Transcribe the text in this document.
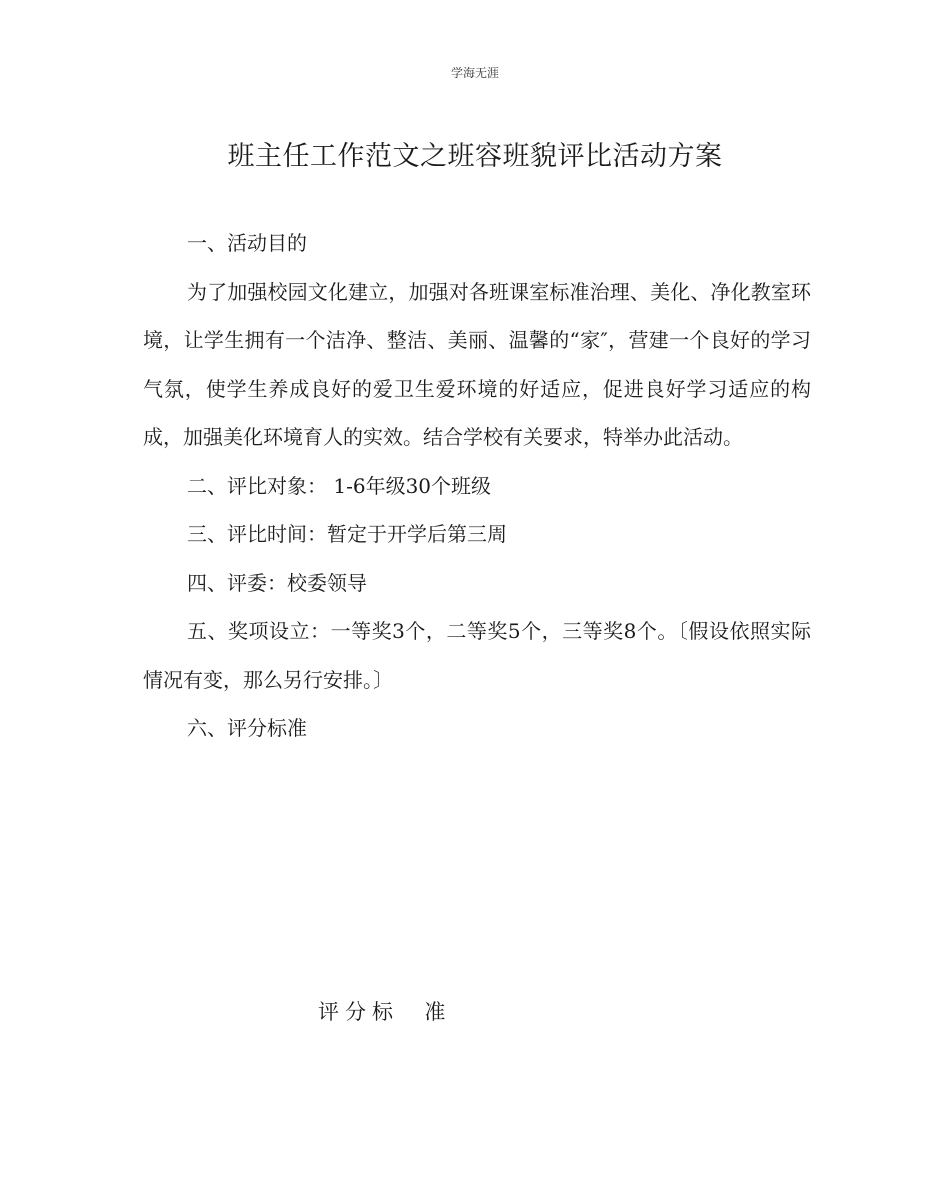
学海无涯
班主任工作范文之班容班貌评比活动方案

一、活动目的

为了加强校园文化建立，加强对各班课室标准治理、美化、净化教室环境，让学生拥有一个洁净、整洁、美丽、温馨的“家″，营建一个良好的学习气氛，使学生养成良好的爱卫生爱环境的好适应，促进良好学习适应的构成，加强美化环境育人的实效。结合学校有关要求，特举办此活动。

二、评比对象： 1-6年级30个班级

三、评比时间：暂定于开学后第三周

四、评委：校委领导

五、奖项设立：一等奖3个，二等奖5个，三等奖8个。〔假设依照实际情况有变，那么另行安排。〕

六、评分标准

评分标  准
